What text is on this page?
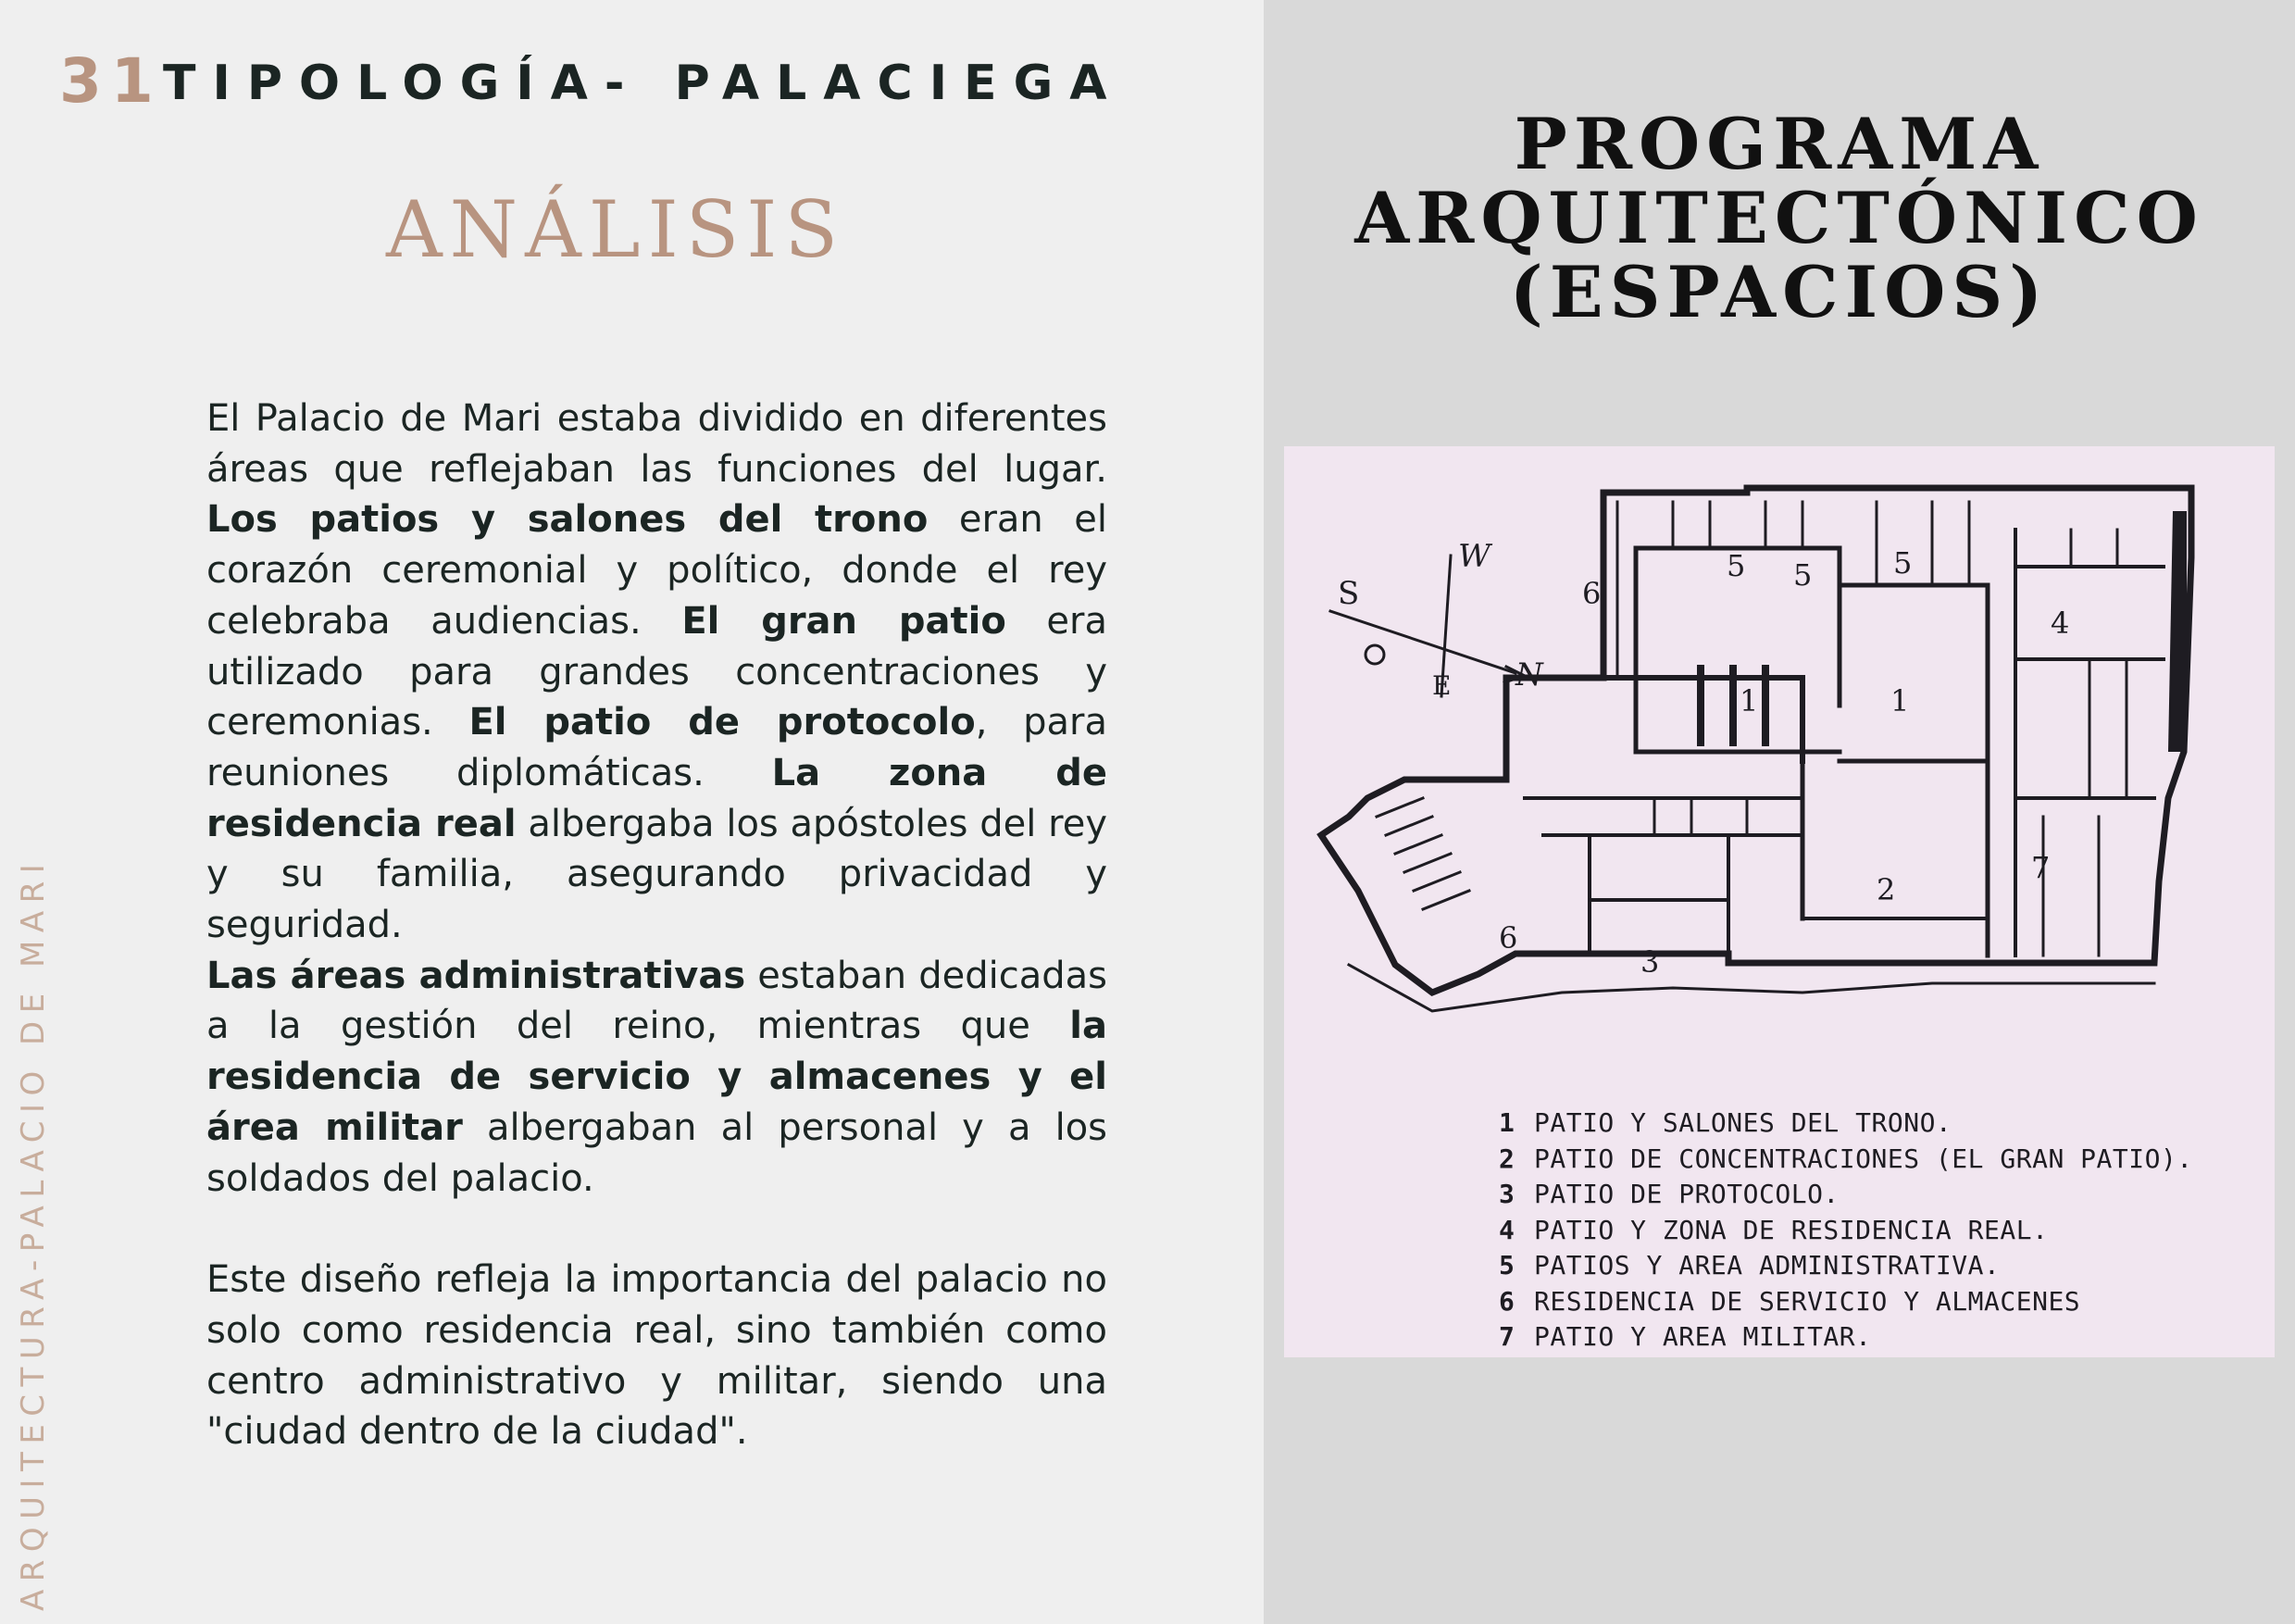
31 TIPOLOGÍA- PALACIEGA
ANÁLISIS

El Palacio de Mari estaba dividido en diferentes áreas que reflejaban las funciones del lugar. Los patios y salones del trono eran el corazón ceremonial y político, donde el rey celebraba audiencias. El gran patio era utilizado para grandes concentraciones y ceremonias. El patio de protocolo, para reuniones diplomáticas. La zona de residencia real albergaba los apóstoles del rey y su familia, asegurando privacidad y seguridad.

Las áreas administrativas estaban dedicadas a la gestión del reino, mientras que la residencia de servicio y almacenes y el área militar albergaban al personal y a los soldados del palacio.

Este diseño refleja la importancia del palacio no solo como residencia real, sino también como centro administrativo y militar, siendo una "ciudad dentro de la ciudad".

ARQUITECTURA-PALACIO DE MARI
PROGRAMA
ARQUITECTÓNICO
(ESPACIOS)
S
W
N
E	1	1
2
3
4
5 5	5
6
6
7
1 PATIO Y SALONES DEL TRONO.
2 PATIO DE CONCENTRACIONES (EL GRAN PATIO).
3 PATIO DE PROTOCOLO.
4 PATIO Y ZONA DE RESIDENCIA REAL.
5 PATIOS Y AREA ADMINISTRATIVA.
6 RESIDENCIA DE SERVICIO Y ALMACENES
7 PATIO Y AREA MILITAR.
